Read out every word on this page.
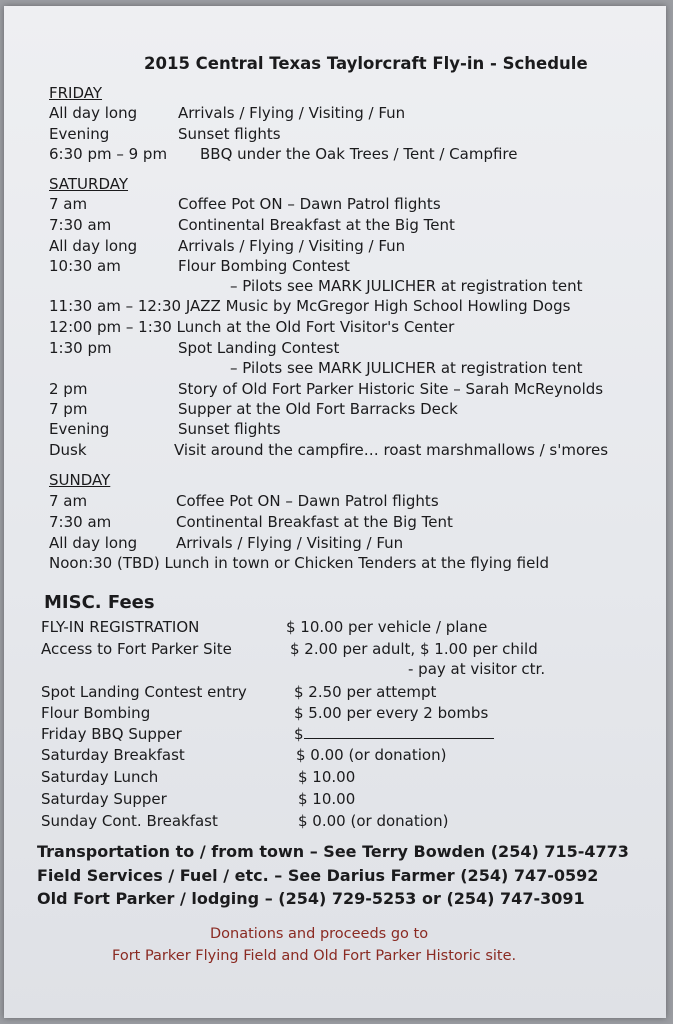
2015 Central Texas Taylorcraft Fly-in - Schedule
FRIDAY
All day long	Arrivals / Flying / Visiting / Fun
Evening	Sunset flights
6:30 pm – 9 pm BBQ under the Oak Trees / Tent / Campfire
SATURDAY
7 am	Coffee Pot ON – Dawn Patrol flights
7:30 am	Continental Breakfast at the Big Tent
All day long	Arrivals / Flying / Visiting / Fun
10:30 am	Flour Bombing Contest
– Pilots see MARK JULICHER at registration tent
11:30 am – 12:30 JAZZ Music by McGregor High School Howling Dogs
12:00 pm – 1:30 Lunch at the Old Fort Visitor's Center
1:30 pm	Spot Landing Contest
– Pilots see MARK JULICHER at registration tent
2 pm	Story of Old Fort Parker Historic Site – Sarah McReynolds
7 pm	Supper at the Old Fort Barracks Deck
Evening	Sunset flights
Dusk	Visit around the campfire… roast marshmallows / s'mores
SUNDAY
7 am	Coffee Pot ON – Dawn Patrol flights
7:30 am	Continental Breakfast at the Big Tent
All day long	Arrivals / Flying / Visiting / Fun
Noon:30 (TBD) Lunch in town or Chicken Tenders at the flying field
MISC. Fees
FLY-IN REGISTRATION	$ 10.00 per vehicle / plane
Access to Fort Parker Site	$ 2.00 per adult, $ 1.00 per child
- pay at visitor ctr.
Spot Landing Contest entry	$ 2.50 per attempt
Flour Bombing	$ 5.00 per every 2 bombs
Friday BBQ Supper	$
Saturday Breakfast	$ 0.00 (or donation)
Saturday Lunch	$ 10.00
Saturday Supper	$ 10.00
Sunday Cont. Breakfast	$ 0.00 (or donation)
Transportation to / from town – See Terry Bowden (254) 715-4773
Field Services / Fuel / etc. – See Darius Farmer (254) 747-0592
Old Fort Parker / lodging – (254) 729-5253 or (254) 747-3091
Donations and proceeds go to
Fort Parker Flying Field and Old Fort Parker Historic site.
